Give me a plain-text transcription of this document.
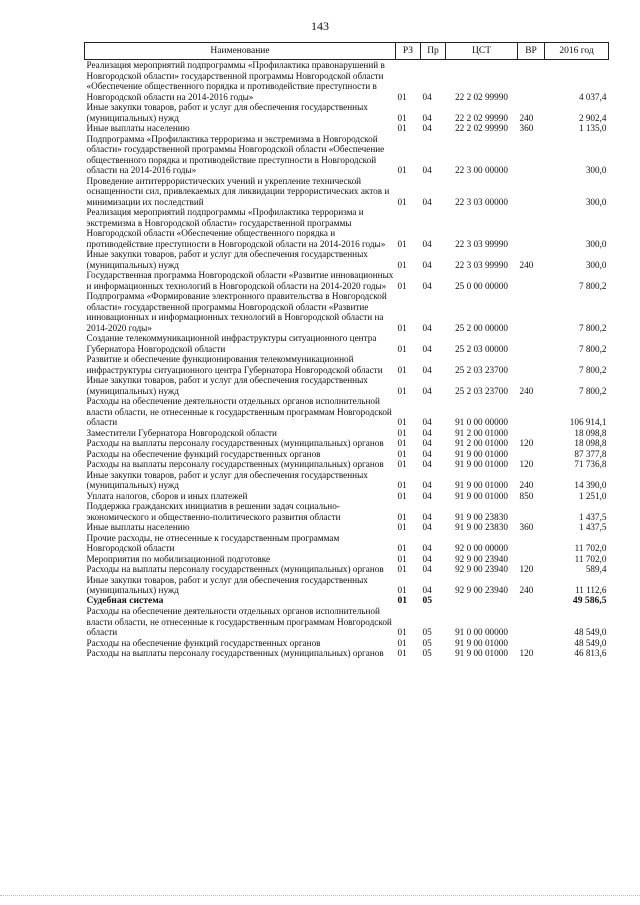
143
Наименование	РЗ	Пр	ЦСТ	ВР	2016 год
Реализация мероприятий подпрограммы «Профилактика правонарушений в Новгородской области» государственной программы Новгородской области «Обеспечение общественного порядка и противодействие преступности в Новгородской области на 2014-2016 годы»	01	04	22 2 02 99990		4 037,4
Иные закупки товаров, работ и услуг для обеспечения государственных (муниципальных) нужд	01	04	22 2 02 99990	240	2 902,4
Иные выплаты населению	01	04	22 2 02 99990	360	1 135,0
Подпрограмма «Профилактика терроризма и экстремизма в Новгородской области» государственной программы Новгородской области «Обеспечение общественного порядка и противодействие преступности в Новгородской области на 2014-2016 годы»	01	04	22 3 00 00000		300,0
Проведение антитеррористических учений и укрепление технической оснащенности сил, привлекаемых для ликвидации террористических актов и минимизации их последствий	01	04	22 3 03 00000		300,0
Реализация мероприятий подпрограммы «Профилактика терроризма и экстремизма в Новгородской области» государственной программы Новгородской области «Обеспечение общественного порядка и противодействие преступности в Новгородской области на 2014-2016 годы»	01	04	22 3 03 99990		300,0
Иные закупки товаров, работ и услуг для обеспечения государственных (муниципальных) нужд	01	04	22 3 03 99990	240	300,0
Государственная программа Новгородской области «Развитие инновационных и информационных технологий в Новгородской области на 2014-2020 годы»	01	04	25 0 00 00000		7 800,2
Подпрограмма «Формирование электронного правительства в Новгородской области» государственной программы Новгородской области «Развитие инновационных и информационных технологий в Новгородской области на 2014-2020 годы»	01	04	25 2 00 00000		7 800,2
Создание телекоммуникационной инфраструктуры ситуационного центра Губернатора Новгородской области	01	04	25 2 03 00000		7 800,2
Развитие и обеспечение функционирования телекоммуникационной инфраструктуры ситуационного центра Губернатора Новгородской области	01	04	25 2 03 23700		7 800,2
Иные закупки товаров, работ и услуг для обеспечения государственных (муниципальных) нужд	01	04	25 2 03 23700	240	7 800,2
Расходы на обеспечение деятельности отдельных органов исполнительной власти области, не отнесенные к государственным программам Новгородской области	01	04	91 0 00 00000		106 914,1
Заместители Губернатора Новгородской области	01	04	91 2 00 01000		18 098,8
Расходы на выплаты персоналу государственных (муниципальных) органов	01	04	91 2 00 01000	120	18 098,8
Расходы на обеспечение функций государственных органов	01	04	91 9 00 01000		87 377,8
Расходы на выплаты персоналу государственных (муниципальных) органов	01	04	91 9 00 01000	120	71 736,8
Иные закупки товаров, работ и услуг для обеспечения государственных (муниципальных) нужд	01	04	91 9 00 01000	240	14 390,0
Уплата налогов, сборов и иных платежей	01	04	91 9 00 01000	850	1 251,0
Поддержка гражданских инициатив в решении задач социально-экономического и общественно-политического развития области	01	04	91 9 00 23830		1 437,5
Иные выплаты населению	01	04	91 9 00 23830	360	1 437,5
Прочие расходы, не отнесенные к государственным программам Новгородской области	01	04	92 0 00 00000		11 702,0
Мероприятия по мобилизационной подготовке	01	04	92 9 00 23940		11 702,0
Расходы на выплаты персоналу государственных (муниципальных) органов	01	04	92 9 00 23940	120	589,4
Иные закупки товаров, работ и услуг для обеспечения государственных (муниципальных) нужд	01	04	92 9 00 23940	240	11 112,6
Судебная система	01	05			49 586,5
Расходы на обеспечение деятельности отдельных органов исполнительной власти области, не отнесенные к государственным программам Новгородской области	01	05	91 0 00 00000		48 549,0
Расходы на обеспечение функций государственных органов	01	05	91 9 00 01000		48 549,0
Расходы на выплаты персоналу государственных (муниципальных) органов	01	05	91 9 00 01000	120	46 813,6
